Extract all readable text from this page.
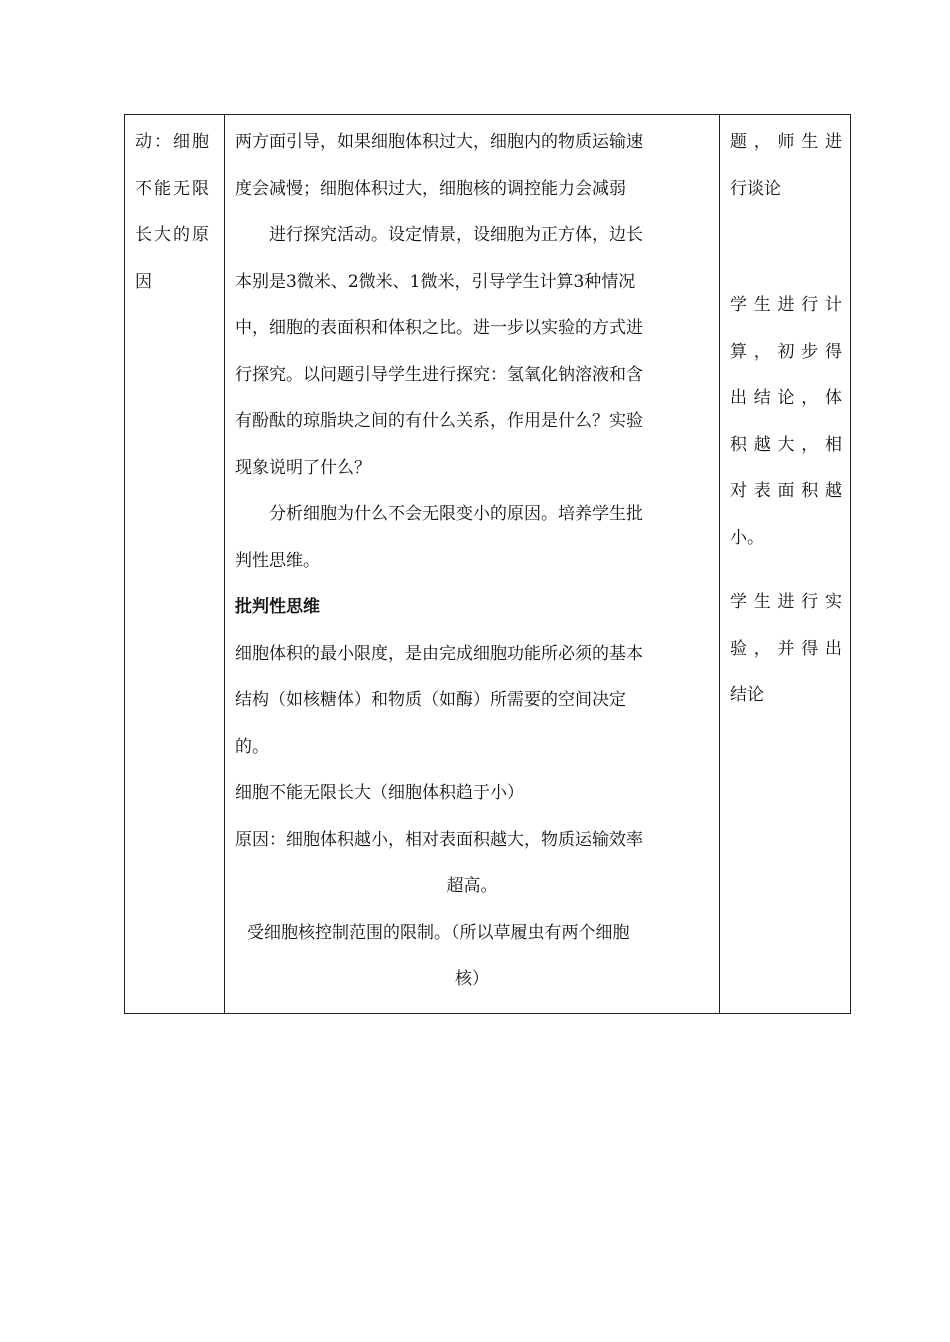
动：细胞
不能无限
长大的原
因

两方面引导，如果细胞体积过大，细胞内的物质运输速
度会减慢；细胞体积过大，细胞核的调控能力会减弱
进行探究活动。设定情景，设细胞为正方体，边长
本别是3微米、2微米、1微米，引导学生计算3种情况
中，细胞的表面积和体积之比。进一步以实验的方式进
行探究。以问题引导学生进行探究：氢氧化钠溶液和含
有酚酞的琼脂块之间的有什么关系，作用是什么？实验
现象说明了什么？
分析细胞为什么不会无限变小的原因。培养学生批
判性思维。
批判性思维
细胞体积的最小限度，是由完成细胞功能所必须的基本
结构（如核糖体）和物质（如酶）所需要的空间决定
的。
细胞不能无限长大（细胞体积趋于小）
原因：细胞体积越小，相对表面积越大，物质运输效率
超高。
受细胞核控制范围的限制。（所以草履虫有两个细胞
核）

题，师生进
行谈论
学生进行计
算，初步得
出结论，体
积越大，相
对表面积越
小。
学生进行实
验，并得出
结论
